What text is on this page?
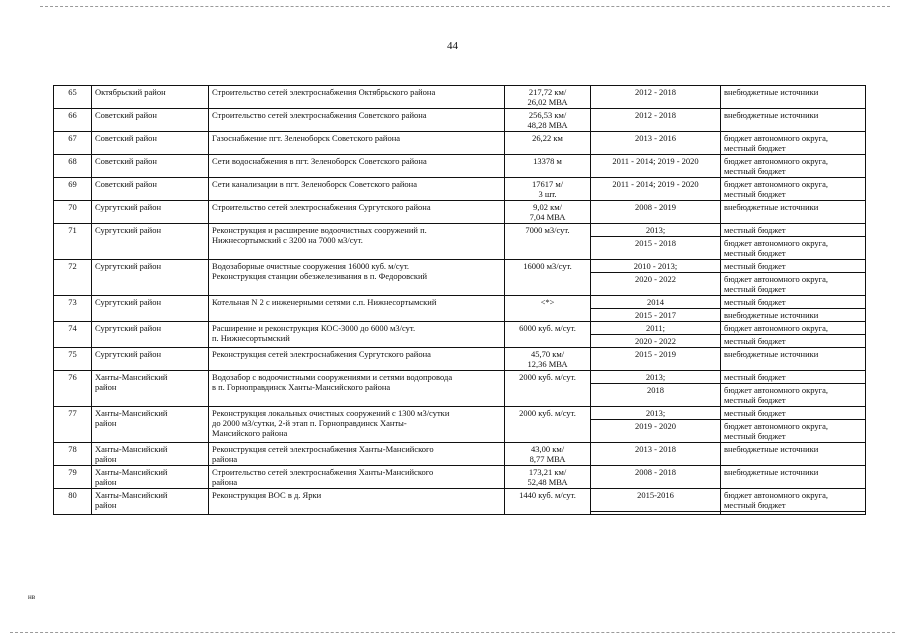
44
65	Октябрьский район	Строительство сетей электроснабжения Октябрьского района	217,72 км/
26,02 МВА	2012 - 2018	внебюджетные источники
66	Советский район	Строительство сетей электроснабжения Советского района	256,53 км/
48,28 МВА	2012 - 2018	внебюджетные источники
67	Советский район	Газоснабжение пгт. Зеленоборск Советского района	26,22 км	2013 - 2016	бюджет автономного округа,
местный бюджет
68	Советский район	Сети водоснабжения в пгт. Зеленоборск Советского района	13378 м	2011 - 2014; 2019 - 2020	бюджет автономного округа,
местный бюджет
69	Советский район	Сети канализации в пгт. Зеленоборск Советского района	17617 м/
3 шт.	2011 - 2014; 2019 - 2020	бюджет автономного округа,
местный бюджет
70	Сургутский район	Строительство сетей электроснабжения Сургутского района	9,02 км/
7,04 МВА	2008 - 2019	внебюджетные источники
71	Сургутский район	Реконструкция и расширение водоочистных сооружений п.
Нижнесортымский с 3200 на 7000 м3/сут.	7000 м3/сут.	2013;	местный бюджет
				2015 - 2018	бюджет автономного округа,
местный бюджет
72	Сургутский район	Водозаборные очистные сооружения 16000 куб. м/сут.
Реконструкция станции обезжелезивания в п. Федоровский	16000 м3/сут.	2010 - 2013;	местный бюджет
				2020 - 2022	бюджет автономного округа,
местный бюджет
73	Сургутский район	Котельная N 2 с инженерными сетями с.п. Нижнесортымский	<*>	2014	местный бюджет
				2015 - 2017	внебюджетные источники
74	Сургутский район	Расширение и реконструкция КОС-3000 до 6000 м3/сут.
п. Нижнесортымский	6000 куб. м/сут.	2011;	бюджет автономного округа,
				2020 - 2022	местный бюджет
75	Сургутский район	Реконструкция сетей электроснабжения Сургутского района	45,70 км/
12,36 МВА	2015 - 2019	внебюджетные источники
76	Ханты-Мансийский
район	Водозабор с водоочистными сооружениями и сетями водопровода
в п. Горноправдинск Ханты-Мансийского района	2000 куб. м/сут.	2013;	местный бюджет
				2018	бюджет автономного округа,
местный бюджет
77	Ханты-Мансийский
район	Реконструкция локальных очистных сооружений с 1300 м3/сутки
до 2000 м3/сутки, 2-й этап п. Горноправдинск Ханты-
Мансийского района	2000 куб. м/сут.	2013;	местный бюджет
				2019 - 2020	бюджет автономного округа,
местный бюджет
78	Ханты-Мансийский
район	Реконструкция сетей электроснабжения Ханты-Мансийского
района	43,00 км/
8,77 МВА	2013 - 2018	внебюджетные источники
79	Ханты-Мансийский
район	Строительство сетей электроснабжения Ханты-Мансийского
района	173,21 км/
52,48 МВА	2008 - 2018	внебюджетные источники
80	Ханты-Мансийский
район	Реконструкция ВОС в д. Ярки	1440 куб. м/сут.	2015-2016	бюджет автономного округа,
местный бюджет

нв
